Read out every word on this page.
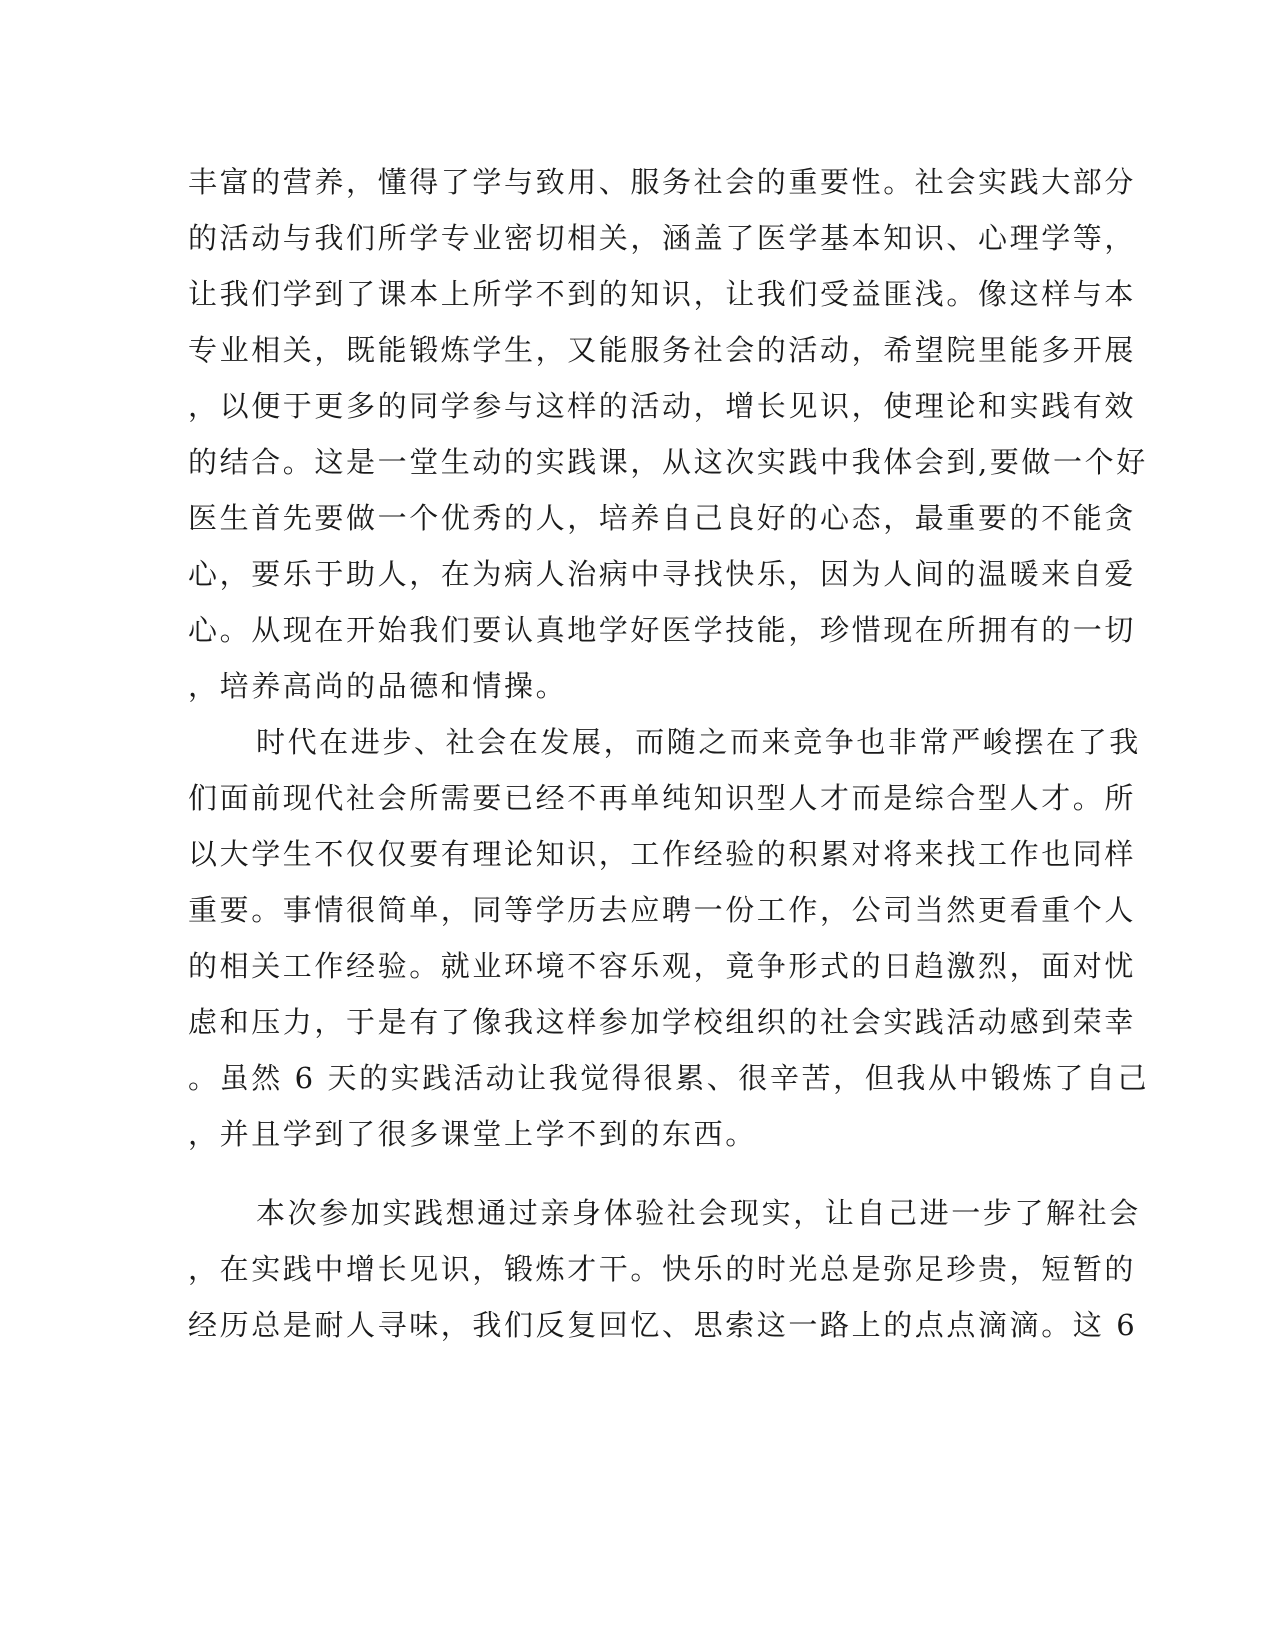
丰富的营养，懂得了学与致用、服务社会的重要性。社会实践大部分
的活动与我们所学专业密切相关，涵盖了医学基本知识、心理学等，
让我们学到了课本上所学不到的知识，让我们受益匪浅。像这样与本
专业相关，既能锻炼学生，又能服务社会的活动，希望院里能多开展
，以便于更多的同学参与这样的活动，增长见识，使理论和实践有效
的结合。这是一堂生动的实践课，从这次实践中我体会到,要做一个好
医生首先要做一个优秀的人，培养自己良好的心态，最重要的不能贪
心，要乐于助人，在为病人治病中寻找快乐，因为人间的温暖来自爱
心。从现在开始我们要认真地学好医学技能，珍惜现在所拥有的一切
，培养高尚的品德和情操。
时代在进步、社会在发展，而随之而来竞争也非常严峻摆在了我
们面前现代社会所需要已经不再单纯知识型人才而是综合型人才。所
以大学生不仅仅要有理论知识，工作经验的积累对将来找工作也同样
重要。事情很简单，同等学历去应聘一份工作，公司当然更看重个人
的相关工作经验。就业环境不容乐观，竟争形式的日趋激烈，面对忧
虑和压力，于是有了像我这样参加学校组织的社会实践活动感到荣幸
。虽然 6 天的实践活动让我觉得很累、很辛苦，但我从中锻炼了自己
，并且学到了很多课堂上学不到的东西。
本次参加实践想通过亲身体验社会现实，让自己进一步了解社会
，在实践中增长见识，锻炼才干。快乐的时光总是弥足珍贵，短暂的
经历总是耐人寻味，我们反复回忆、思索这一路上的点点滴滴。这 6
